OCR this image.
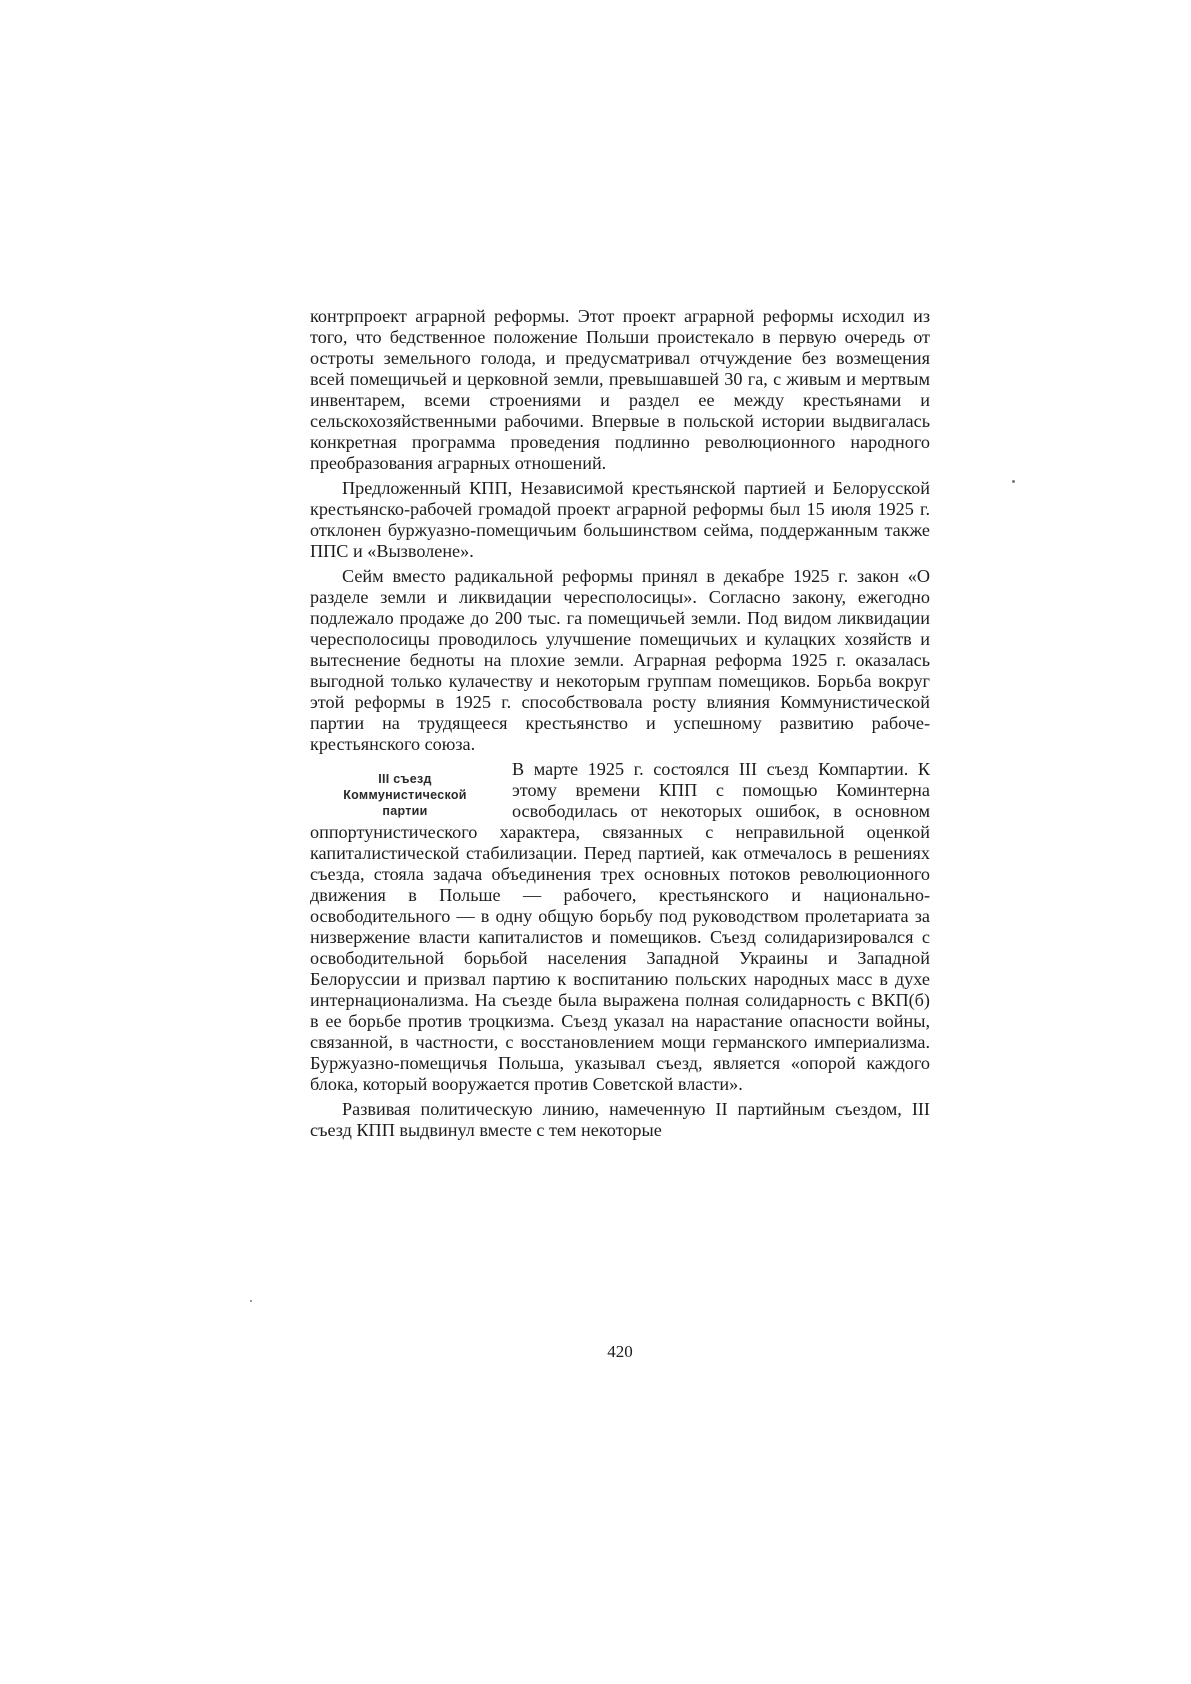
контрпроект аграрной реформы. Этот проект аграрной реформы исходил из того, что бедственное положение Польши проистекало в первую очередь от остроты земельного голода, и предусматривал отчуждение без возмещения всей помещичьей и церковной земли, превышавшей 30 га, с живым и мертвым инвентарем, всеми строениями и раздел ее между крестьянами и сельскохозяйственными рабочими. Впервые в польской истории выдвигалась конкретная программа проведения подлинно революционного народного преобразования аграрных отношений.

Предложенный КПП, Независимой крестьянской партией и Белорусской крестьянско-рабочей громадой проект аграрной реформы был 15 июля 1925 г. отклонен буржуазно-помещичьим большинством сейма, поддержанным также ППС и «Вызволене».

Сейм вместо радикальной реформы принял в декабре 1925 г. закон «О разделе земли и ликвидации чересполосицы». Согласно закону, ежегодно подлежало продаже до 200 тыс. га помещичьей земли. Под видом ликвидации чересполосицы проводилось улучшение помещичьих и кулацких хозяйств и вытеснение бедноты на плохие земли. Аграрная реформа 1925 г. оказалась выгодной только кулачеству и некоторым группам помещиков. Борьба вокруг этой реформы в 1925 г. способствовала росту влияния Коммунистической партии на трудящееся крестьянство и успешному развитию рабоче-крестьянского союза.

III съезд
Коммунистической
партии

В марте 1925 г. состоялся III съезд Компартии. К этому времени КПП с помощью Коминтерна освободилась от некоторых ошибок, в основном оппортунистического характера, связанных с неправильной оценкой капиталистической стабилизации. Перед партией, как отмечалось в решениях съезда, стояла задача объединения трех основных потоков революционного движения в Польше — рабочего, крестьянского и национально-освободительного — в одну общую борьбу под руководством пролетариата за низвержение власти капиталистов и помещиков. Съезд солидаризировался с освободительной борьбой населения Западной Украины и Западной Белоруссии и призвал партию к воспитанию польских народных масс в духе интернационализма. На съезде была выражена полная солидарность с ВКП(б) в ее борьбе против троцкизма. Съезд указал на нарастание опасности войны, связанной, в частности, с восстановлением мощи германского империализма. Буржуазно-помещичья Польша, указывал съезд, является «опорой каждого блока, который вооружается против Советской власти».

Развивая политическую линию, намеченную II партийным съездом, III съезд КПП выдвинул вместе с тем некоторые

420
